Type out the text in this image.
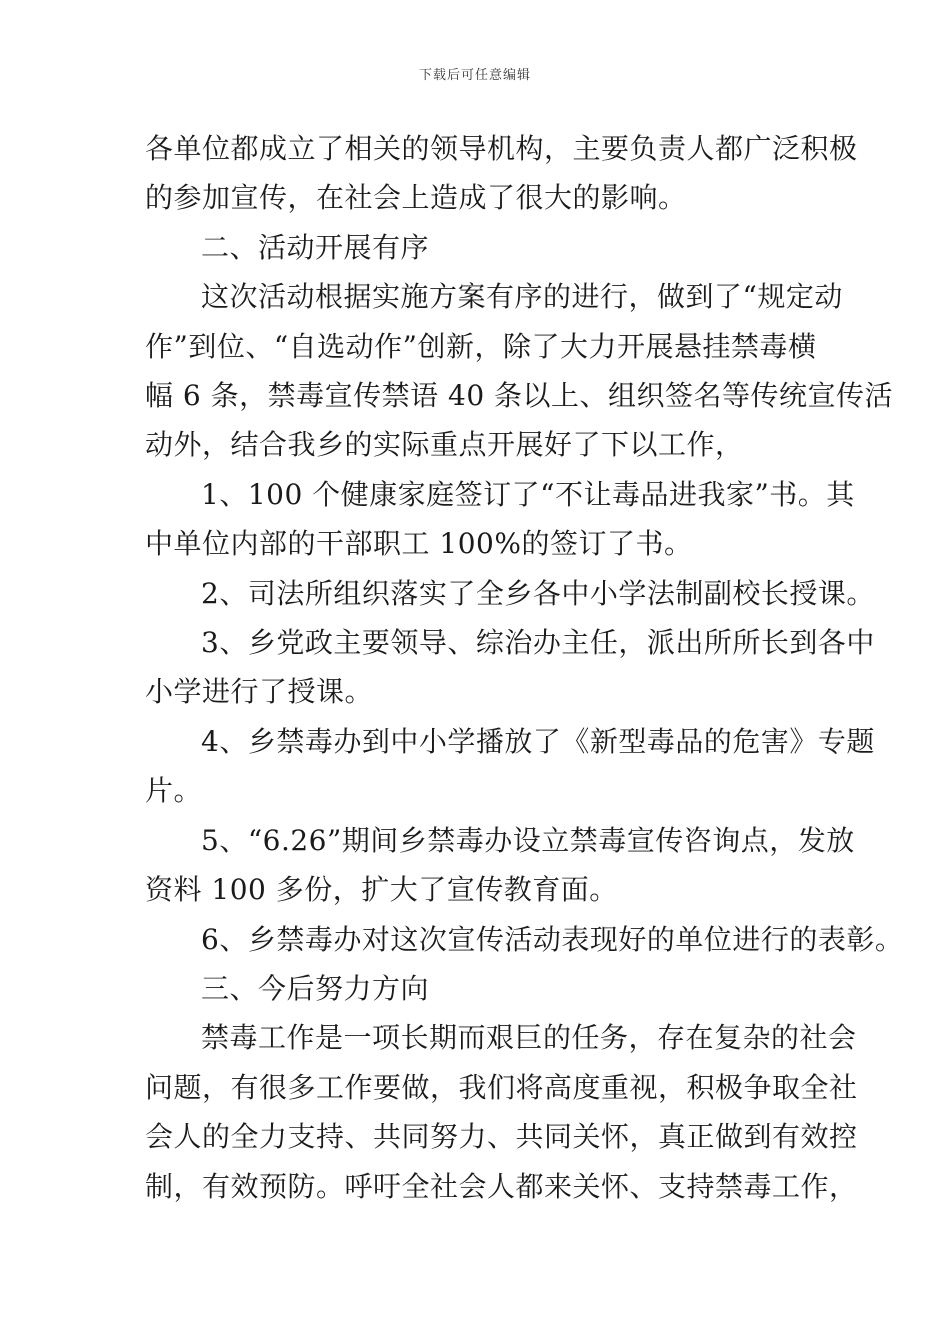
下载后可任意编辑

各单位都成立了相关的领导机构，主要负责人都广泛积极
的参加宣传，在社会上造成了很大的影响。

二、活动开展有序

这次活动根据实施方案有序的进行，做到了“规定动
作”到位、“自选动作”创新，除了大力开展悬挂禁毒横
幅 6 条，禁毒宣传禁语 40 条以上、组织签名等传统宣传活
动外，结合我乡的实际重点开展好了下以工作，

1、100 个健康家庭签订了“不让毒品进我家”书。其
中单位内部的干部职工 100%的签订了书。

2、司法所组织落实了全乡各中小学法制副校长授课。

3、乡党政主要领导、综治办主任，派出所所长到各中
小学进行了授课。

4、乡禁毒办到中小学播放了《新型毒品的危害》专题
片。

5、“6.26”期间乡禁毒办设立禁毒宣传咨询点，发放
资料 100 多份，扩大了宣传教育面。

6、乡禁毒办对这次宣传活动表现好的单位进行的表彰。

三、今后努力方向

禁毒工作是一项长期而艰巨的任务，存在复杂的社会
问题，有很多工作要做，我们将高度重视，积极争取全社
会人的全力支持、共同努力、共同关怀，真正做到有效控
制，有效预防。呼吁全社会人都来关怀、支持禁毒工作，
